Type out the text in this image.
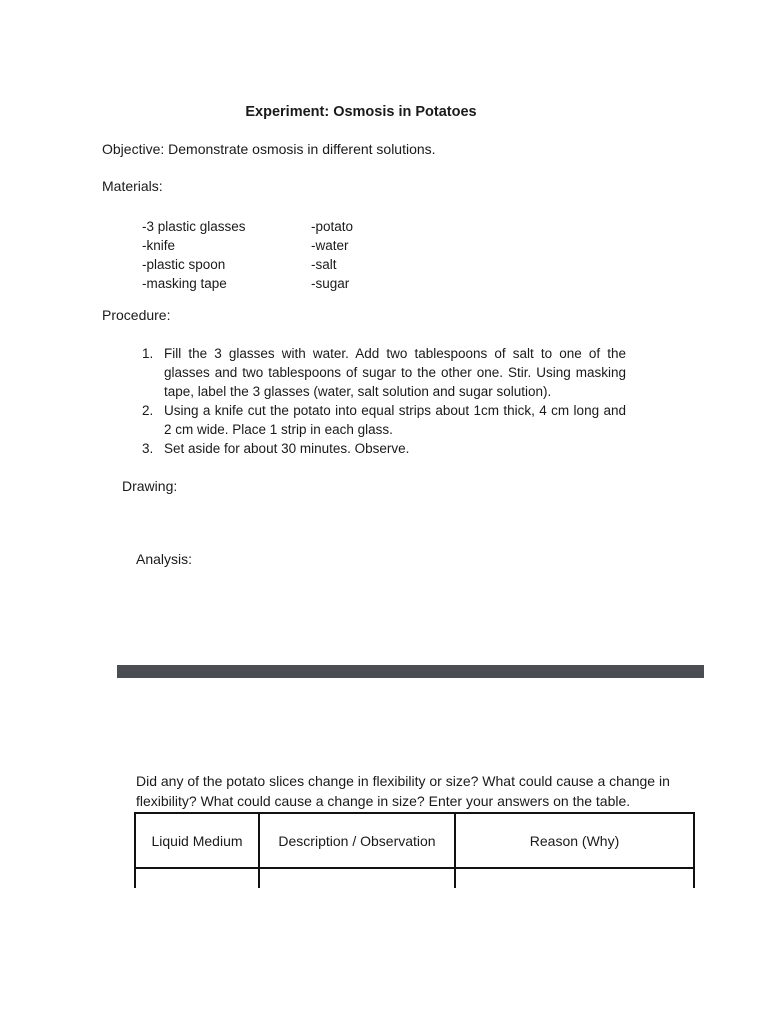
Experiment: Osmosis in Potatoes
Objective: Demonstrate osmosis in different solutions.
Materials:
-3 plastic glasses
-knife
-plastic spoon
-masking tape
-potato
-water
-salt
-sugar
Procedure:
1. Fill the 3 glasses with water. Add two tablespoons of salt to one of the glasses and two tablespoons of sugar to the other one. Stir. Using masking tape, label the 3 glasses (water, salt solution and sugar solution).
2. Using a knife cut the potato into equal strips about 1cm thick, 4 cm long and 2 cm wide. Place 1 strip in each glass.
3. Set aside for about 30 minutes. Observe.
Drawing:
Analysis:
Did any of the potato slices change in flexibility or size? What could cause a change in flexibility? What could cause a change in size? Enter your answers on the table.
Liquid Medium	Description / Observation	Reason (Why)
